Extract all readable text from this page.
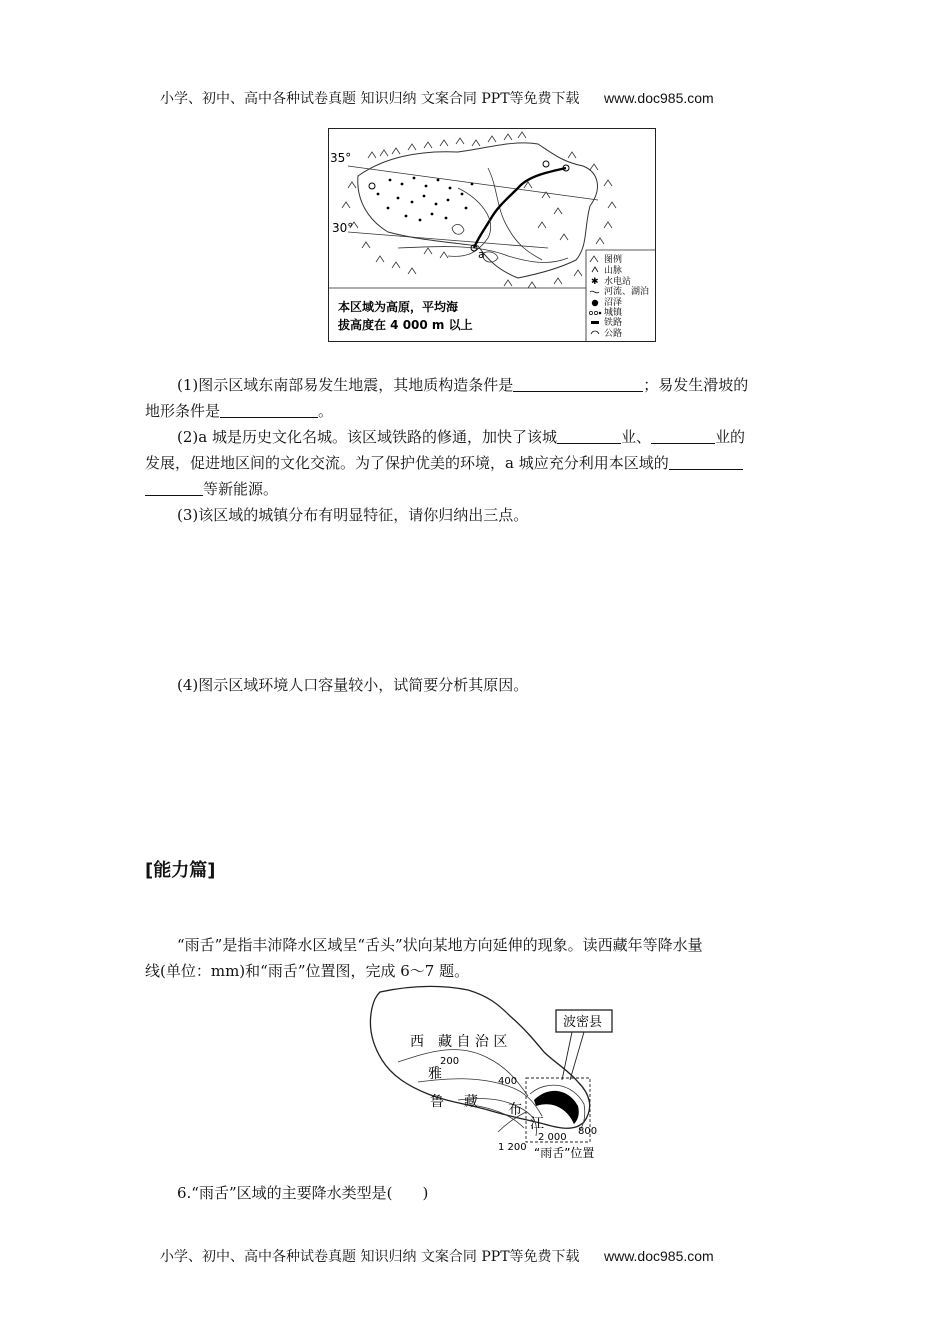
小学、初中、高中各种试卷真题 知识归纳 文案合同 PPT等免费下载 www.doc985.com
35°
30°
a
本区域为高原，平均海
拔高度在 4 000 m 以上
图例
✱
山脉
水电站
河流、湖泊
沼泽
城镇
铁路
公路
(1)图示区域东南部易发生地震，其地质构造条件是	；易发生滑坡的
地形条件是	。
(2)a 城是历史文化名城。该区域铁路的修通，加快了该城	业、	业的
发展，促进地区间的文化交流。为了保护优美的环境，a 城应充分利用本区域的
等新能源。
(3)该区域的城镇分布有明显特征，请你归纳出三点。
(4)图示区域环境人口容量较小，试简要分析其原因。
[能力篇]
“雨舌”是指丰沛降水区域呈“舌头”状向某地方向延伸的现象。读西藏年等降水量
线(单位：mm)和“雨舌”位置图，完成 6～7 题。
西　藏 自 治 区
200
400
800
1 200
2 000
雅
鲁 藏 布
江
波密县
“雨舌”位置
6.“雨舌”区域的主要降水类型是(　　)
小学、初中、高中各种试卷真题 知识归纳 文案合同 PPT等免费下载 www.doc985.com
